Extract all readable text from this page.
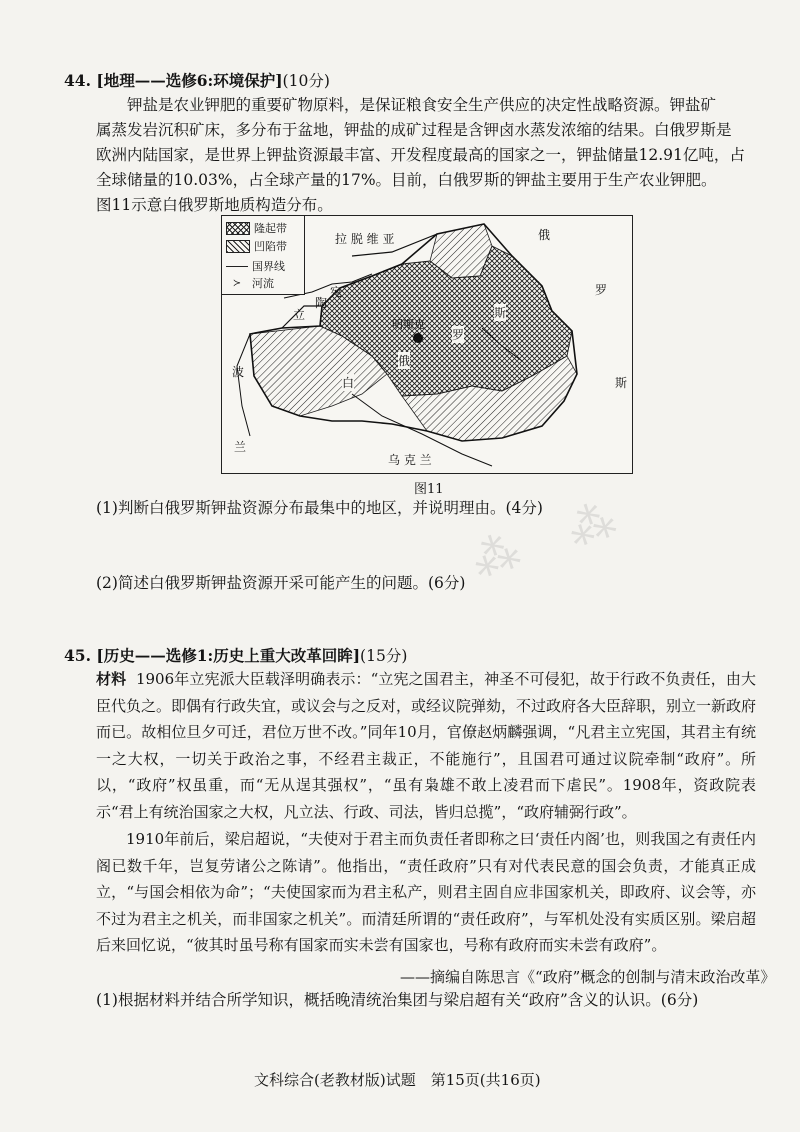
44. [地理——选修6:环境保护](10分)
钾盐是农业钾肥的重要矿物原料，是保证粮食安全生产供应的决定性战略资源。钾盐矿
属蒸发岩沉积矿床，多分布于盆地，钾盐的成矿过程是含钾卤水蒸发浓缩的结果。白俄罗斯是
欧洲内陆国家，是世界上钾盐资源最丰富、开发程度最高的国家之一，钾盐储量12.91亿吨，占
全球储量的10.03%，占全球产量的17%。目前，白俄罗斯的钾盐主要用于生产农业钾肥。
图11示意白俄罗斯地质构造分布。
隆起带
凹陷带
国界线
≻ 河流
拉 脱 维 亚	俄
罗
斯
立
陶
宛
波
兰
乌 克 兰
明斯克
白
俄
罗
斯
图11
(1)判断白俄罗斯钾盐资源分布最集中的地区，并说明理由。(4分)
(2)简述白俄罗斯钾盐资源开采可能产生的问题。(6分) ⁂ ⁂
45. [历史——选修1:历史上重大改革回眸](15分)
材料 1906年立宪派大臣载泽明确表示：“立宪之国君主，神圣不可侵犯，故于行政不负责任，由大臣代负之。即偶有行政失宜，或议会与之反对，或经议院弹劾，不过政府各大臣辞职，别立一新政府而已。故相位旦夕可迁，君位万世不改。”同年10月，官僚赵炳麟强调，“凡君主立宪国，其君主有统一之大权，一切关于政治之事，不经君主裁正，不能施行”，且国君可通过议院牵制“政府”。所以，“政府”权虽重，而“无从逞其强权”，“虽有枭雄不敢上凌君而下虐民”。1908年，资政院表示“君上有统治国家之大权，凡立法、行政、司法，皆归总揽”，“政府辅弼行政”。
1910年前后，梁启超说，“夫使对于君主而负责任者即称之曰‘责任内阁’也，则我国之有责任内阁已数千年，岂复劳诸公之陈请”。他指出，“责任政府”只有对代表民意的国会负责，才能真正成立，“与国会相依为命”；“夫使国家而为君主私产，则君主固自应非国家机关，即政府、议会等，亦不过为君主之机关，而非国家之机关”。而清廷所谓的“责任政府”，与军机处没有实质区别。梁启超后来回忆说，“彼其时虽号称有国家而实未尝有国家也，号称有政府而实未尝有政府”。
——摘编自陈思言《“政府”概念的创制与清末政治改革》
(1)根据材料并结合所学知识，概括晚清统治集团与梁启超有关“政府”含义的认识。(6分)
文科综合(老教材版)试题　第15页(共16页)
